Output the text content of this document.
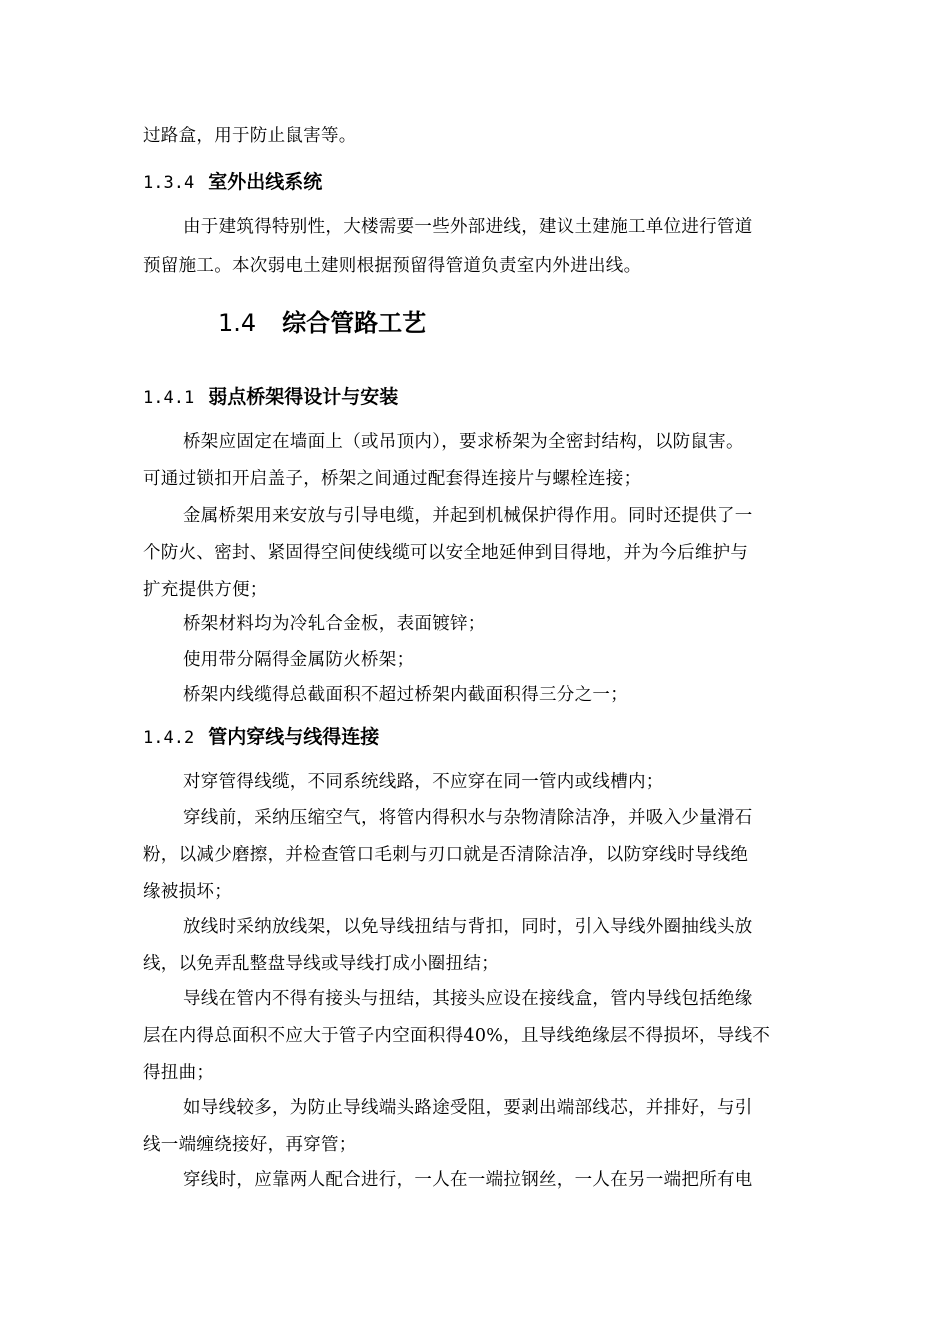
过路盒，用于防止鼠害等。
1.3.4 室外出线系统
由于建筑得特别性，大楼需要一些外部进线，建议土建施工单位进行管道
预留施工。本次弱电土建则根据预留得管道负责室内外进出线。
1.4 综合管路工艺
1.4.1 弱点桥架得设计与安装
桥架应固定在墙面上（或吊顶内），要求桥架为全密封结构，以防鼠害。
可通过锁扣开启盖子，桥架之间通过配套得连接片与螺栓连接；
金属桥架用来安放与引导电缆，并起到机械保护得作用。同时还提供了一
个防火、密封、紧固得空间使线缆可以安全地延伸到目得地，并为今后维护与
扩充提供方便；
桥架材料均为冷轧合金板，表面镀锌；
使用带分隔得金属防火桥架；
桥架内线缆得总截面积不超过桥架内截面积得三分之一；
1.4.2 管内穿线与线得连接
对穿管得线缆，不同系统线路，不应穿在同一管内或线槽内；
穿线前，采纳压缩空气，将管内得积水与杂物清除洁净，并吸入少量滑石
粉，以减少磨擦，并检查管口毛刺与刃口就是否清除洁净，以防穿线时导线绝
缘被损坏；
放线时采纳放线架，以免导线扭结与背扣，同时，引入导线外圈抽线头放
线，以免弄乱整盘导线或导线打成小圈扭结；
导线在管内不得有接头与扭结，其接头应设在接线盒，管内导线包括绝缘
层在内得总面积不应大于管子内空面积得40%，且导线绝缘层不得损坏，导线不
得扭曲；
如导线较多，为防止导线端头路途受阻，要剥出端部线芯，并排好，与引
线一端缠绕接好，再穿管；
穿线时，应靠两人配合进行，一人在一端拉钢丝，一人在另一端把所有电
